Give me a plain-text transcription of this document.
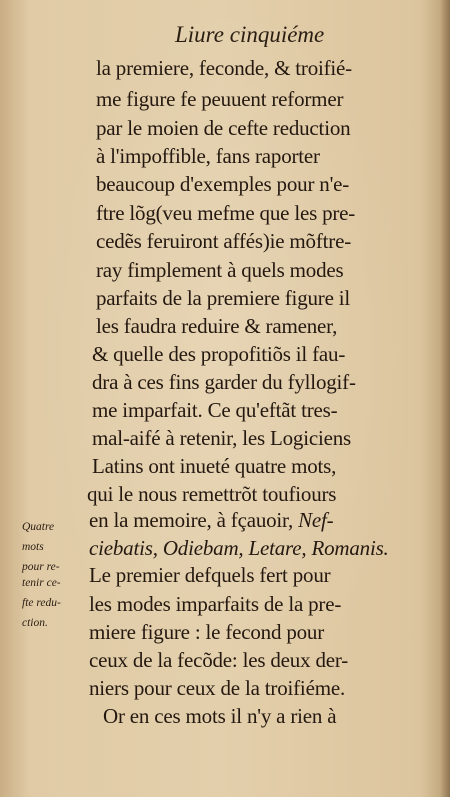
Liure cinquiéme
la premiere, feconde, & troifié-
me figure fe peuuent reformer
par le moien de cefte reduction
à l'impoffible, fans raporter
beaucoup d'exemples pour n'e-
ftre lõg(veu mefme que les pre-
cedẽs feruiront affés)ie mõftre-
ray fimplement à quels modes
parfaits de la premiere figure il
les faudra reduire & ramener,
& quelle des propofitiõs il fau-
dra à ces fins garder du fyllogif-
me imparfait. Ce qu'eftãt tres-
mal-aifé à retenir, les Logiciens
Latins ont inueté quatre mots,
qui le nous remettrõt toufiours
en la memoire, à fçauoir, Nef-
ciebatis, Odiebam, Letare, Romanis.
Le premier defquels fert pour
les modes imparfaits de la pre-
miere figure : le fecond pour
ceux de la fecõde: les deux der-
niers pour ceux de la troifiéme.
Or en ces mots il n'y a rien à
Quatre
mots
pour re-
tenir ce-
fte redu-
ction.
